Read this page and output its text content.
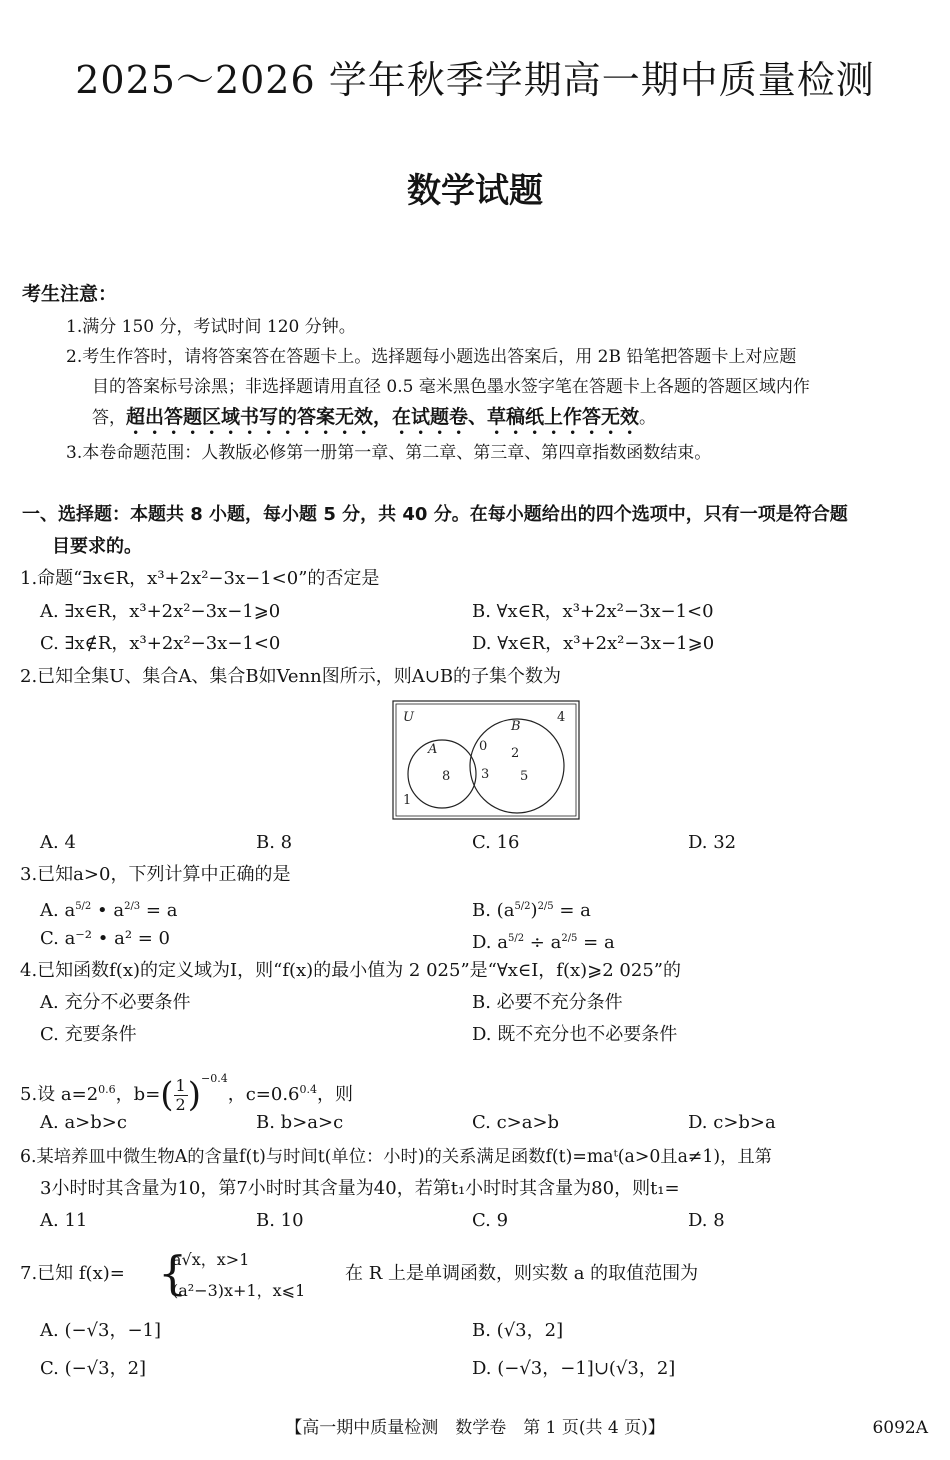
2025～2026 学年秋季学期高一期中质量检测
数学试题
考生注意：
1.满分 150 分，考试时间 120 分钟。
2.考生作答时，请将答案答在答题卡上。选择题每小题选出答案后，用 2B 铅笔把答题卡上对应题
目的答案标号涂黑；非选择题请用直径 0.5 毫米黑色墨水签字笔在答题卡上各题的答题区域内作
答，超出答题区域书写的答案无效，在试题卷、草稿纸上作答无效。
3.本卷命题范围：人教版必修第一册第一章、第二章、第三章、第四章指数函数结束。
一、选择题：本题共 8 小题，每小题 5 分，共 40 分。在每小题给出的四个选项中，只有一项是符合题
目要求的。
1.命题“∃x∈R，x³+2x²−3x−1<0”的否定是
A. ∃x∈R，x³+2x²−3x−1⩾0	B. ∀x∈R，x³+2x²−3x−1<0
C. ∃x∉R，x³+2x²−3x−1<0	D. ∀x∈R，x³+2x²−3x−1⩾0
2.已知全集U、集合A、集合B如Venn图所示，则A∪B的子集个数为
U
A
B
4
8
0
3
2
5
1
A. 4	B. 8	C. 16	D. 32
3.已知a>0，下列计算中正确的是
A. $a^{5/2}$ • $a^{2/3} = a$	B. $(a^{5/2})^{2/5} = a$
C. a⁻² • a² = 0	D. $a^{5/2} \div a^{2/5} = a$
4.已知函数f(x)的定义域为I，则“f(x)的最小值为 2 025”是“∀x∈I，f(x)⩾2 025”的
A. 充分不必要条件	B. 必要不充分条件
C. 充要条件	D. 既不充分也不必要条件
5.设 $a=2^{0.6}$，$b=( \frac{1}{2} )^{-0.4}$，$c=0.6^{0.4}$，则
A. a>b>c	B. b>a>c	C. c>a>b	D. c>b>a
6.某培养皿中微生物A的含量f(t)与时间t(单位：小时)的关系满足函数f(t)=maᵗ(a>0且a≠1)，且第
3小时时其含量为10，第7小时时其含量为40，若第t₁小时时其含量为80，则t₁=
A. 11	B. 10	C. 9	D. 8
7.已知 f(x)= {
a√x，x>1
(a²−3)x+1，x⩽1
在 R 上是单调函数，则实数 a 的取值范围为
A. (−√3，−1]	B. (√3，2]
C. (−√3，2]	D. (−√3，−1]∪(√3，2]
【高一期中质量检测　数学卷　第 1 页(共 4 页)】	6092A
